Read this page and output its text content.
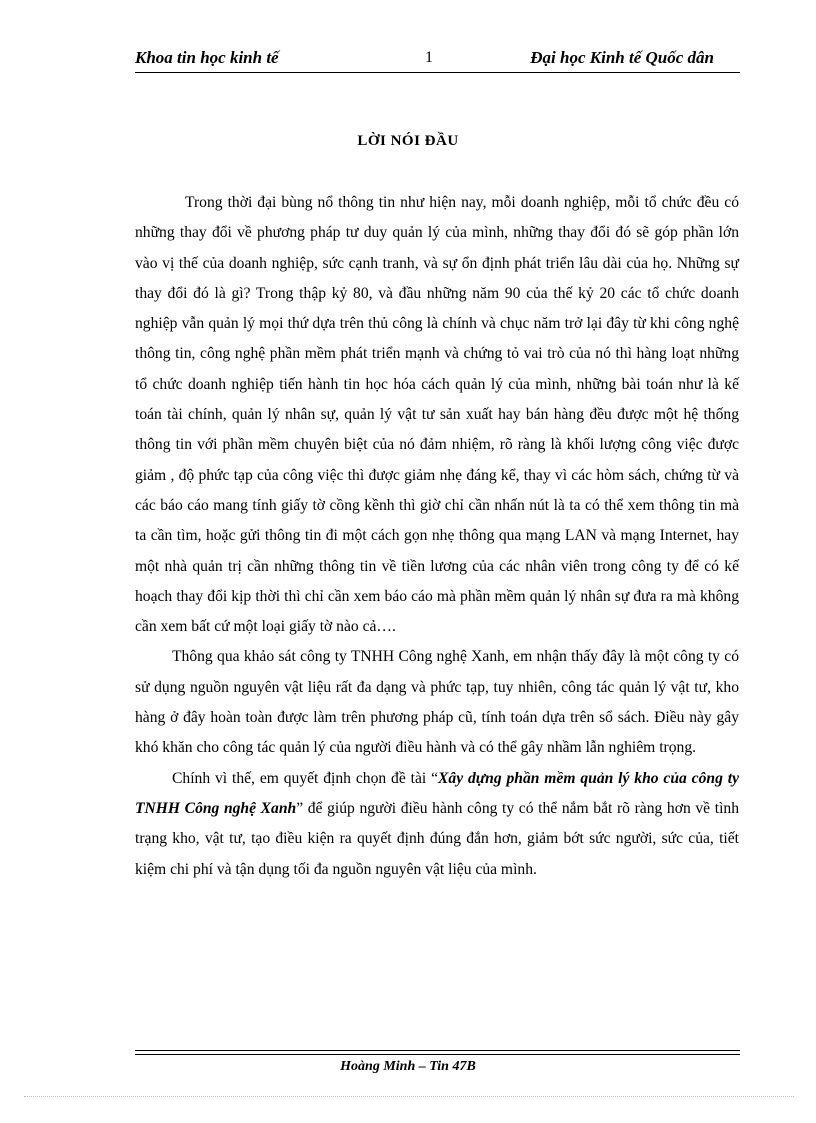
Khoa tin học kinh tế	1	Đại học Kinh tế Quốc dân
LỜI NÓI ĐẦU

Trong thời đại bùng nổ thông tin như hiện nay, mỗi doanh nghiệp, mỗi tổ chức đều có những thay đổi về phương pháp tư duy quản lý của mình, những thay đổi đó sẽ góp phần lớn vào vị thế của doanh nghiệp, sức cạnh tranh, và sự ổn định phát triển lâu dài của họ. Những sự thay đổi đó là gì? Trong thập kỷ 80, và đầu những năm 90 của thế kỷ 20 các tổ chức doanh nghiệp vẫn quản lý mọi thứ dựa trên thủ công là chính và chục năm trở lại đây từ khi công nghệ thông tin, công nghệ phần mềm phát triển mạnh và chứng tỏ vai trò của nó thì hàng loạt những tổ chức doanh nghiệp tiến hành tin học hóa cách quản lý của mình, những bài toán như là kế toán tài chính, quản lý nhân sự, quản lý vật tư sản xuất hay bán hàng đều được một hệ thống thông tin với phần mềm chuyên biệt của nó đảm nhiệm, rõ ràng là khối lượng công việc được giảm , độ phức tạp của công việc thì được giảm nhẹ đáng kể, thay vì các hòm sách, chứng từ và các báo cáo mang tính giấy tờ cồng kềnh thì giờ chỉ cần nhấn nút là ta có thể xem thông tin mà ta cần tìm, hoặc gửi thông tin đi một cách gọn nhẹ thông qua mạng LAN và mạng Internet, hay một nhà quản trị cần những thông tin về tiền lương của các nhân viên trong công ty để có kế hoạch thay đổi kịp thời thì chỉ cần xem báo cáo mà phần mềm quản lý nhân sự đưa ra mà không cần xem bất cứ một loại giấy tờ nào cả….

Thông qua khảo sát công ty TNHH Công nghệ Xanh, em nhận thấy đây là một công ty có sử dụng nguồn nguyên vật liệu rất đa dạng và phức tạp, tuy nhiên, công tác quản lý vật tư, kho hàng ở đây hoàn toàn được làm trên phương pháp cũ, tính toán dựa trên sổ sách. Điều này gây khó khăn cho công tác quản lý của người điều hành và có thể gây nhầm lẫn nghiêm trọng.

Chính vì thế, em quyết định chọn đề tài “Xây dựng phần mềm quản lý kho của công ty TNHH Công nghệ Xanh” để giúp người điều hành công ty có thể nắm bắt rõ ràng hơn về tình trạng kho, vật tư, tạo điều kiện ra quyết định đúng đắn hơn, giảm bớt sức người, sức của, tiết kiệm chi phí và tận dụng tối đa nguồn nguyên vật liệu của mình.

Hoàng Minh – Tin 47B
